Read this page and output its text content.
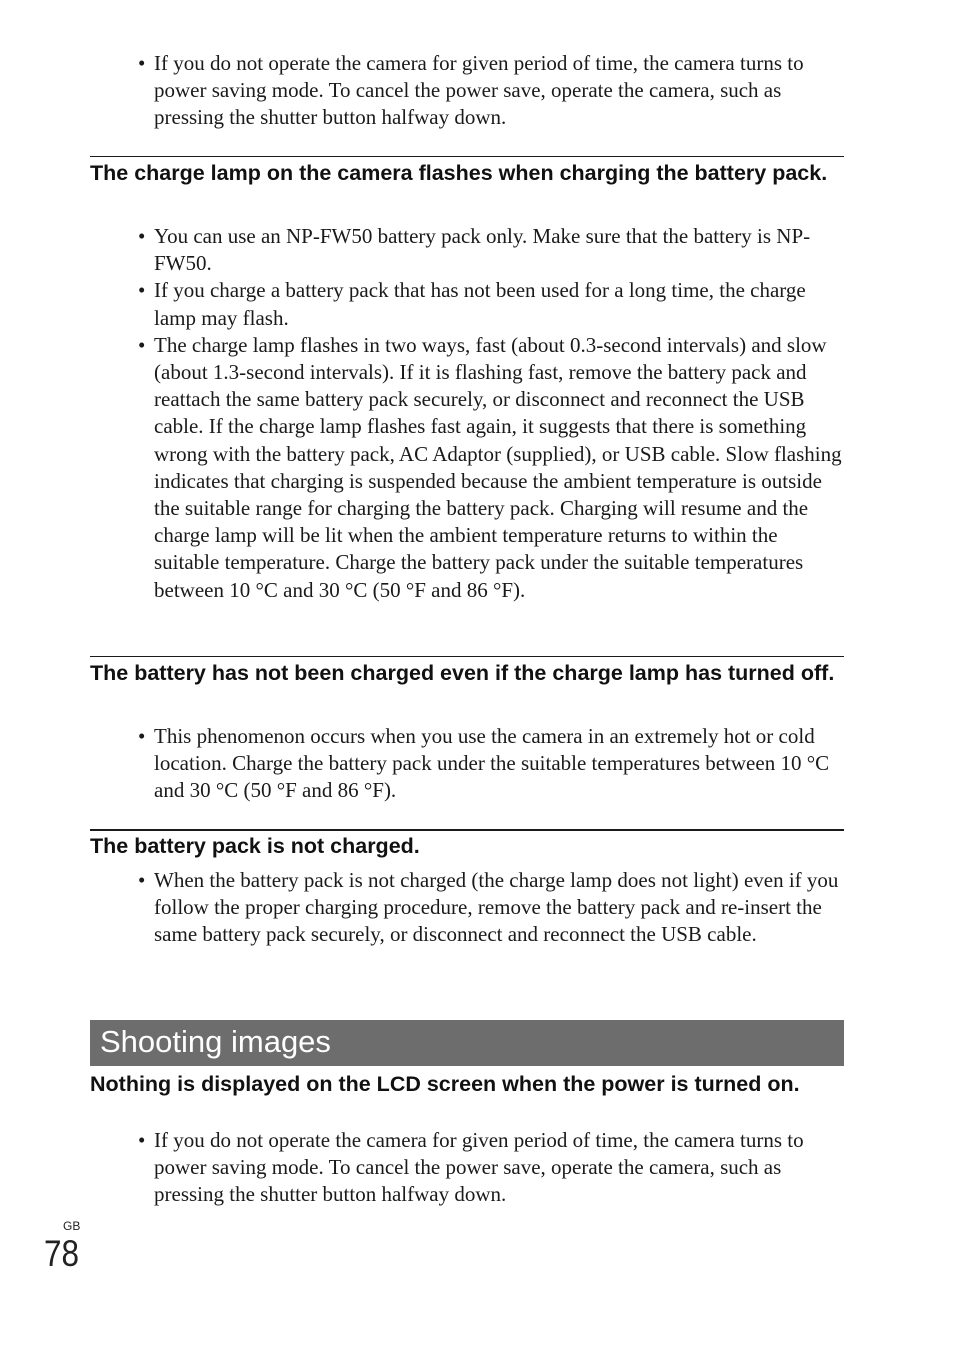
• If you do not operate the camera for given period of time, the camera turns to power saving mode. To cancel the power save, operate the camera, such as pressing the shutter button halfway down.
The charge lamp on the camera flashes when charging the battery pack.
• You can use an NP-FW50 battery pack only. Make sure that the battery is NP-FW50.
• If you charge a battery pack that has not been used for a long time, the charge lamp may flash.
• The charge lamp flashes in two ways, fast (about 0.3-second intervals) and slow (about 1.3-second intervals). If it is flashing fast, remove the battery pack and reattach the same battery pack securely, or disconnect and reconnect the USB cable. If the charge lamp flashes fast again, it suggests that there is something wrong with the battery pack, AC Adaptor (supplied), or USB cable. Slow flashing indicates that charging is suspended because the ambient temperature is outside the suitable range for charging the battery pack. Charging will resume and the charge lamp will be lit when the ambient temperature returns to within the suitable temperature. Charge the battery pack under the suitable temperatures between 10 °C and 30 °C (50 °F and 86 °F).
The battery has not been charged even if the charge lamp has turned off.
• This phenomenon occurs when you use the camera in an extremely hot or cold location. Charge the battery pack under the suitable temperatures between 10 °C and 30 °C (50 °F and 86 °F).
The battery pack is not charged.
• When the battery pack is not charged (the charge lamp does not light) even if you follow the proper charging procedure, remove the battery pack and re-insert the same battery pack securely, or disconnect and reconnect the USB cable.
Shooting images
Nothing is displayed on the LCD screen when the power is turned on.
• If you do not operate the camera for given period of time, the camera turns to power saving mode. To cancel the power save, operate the camera, such as pressing the shutter button halfway down.
GB
78
